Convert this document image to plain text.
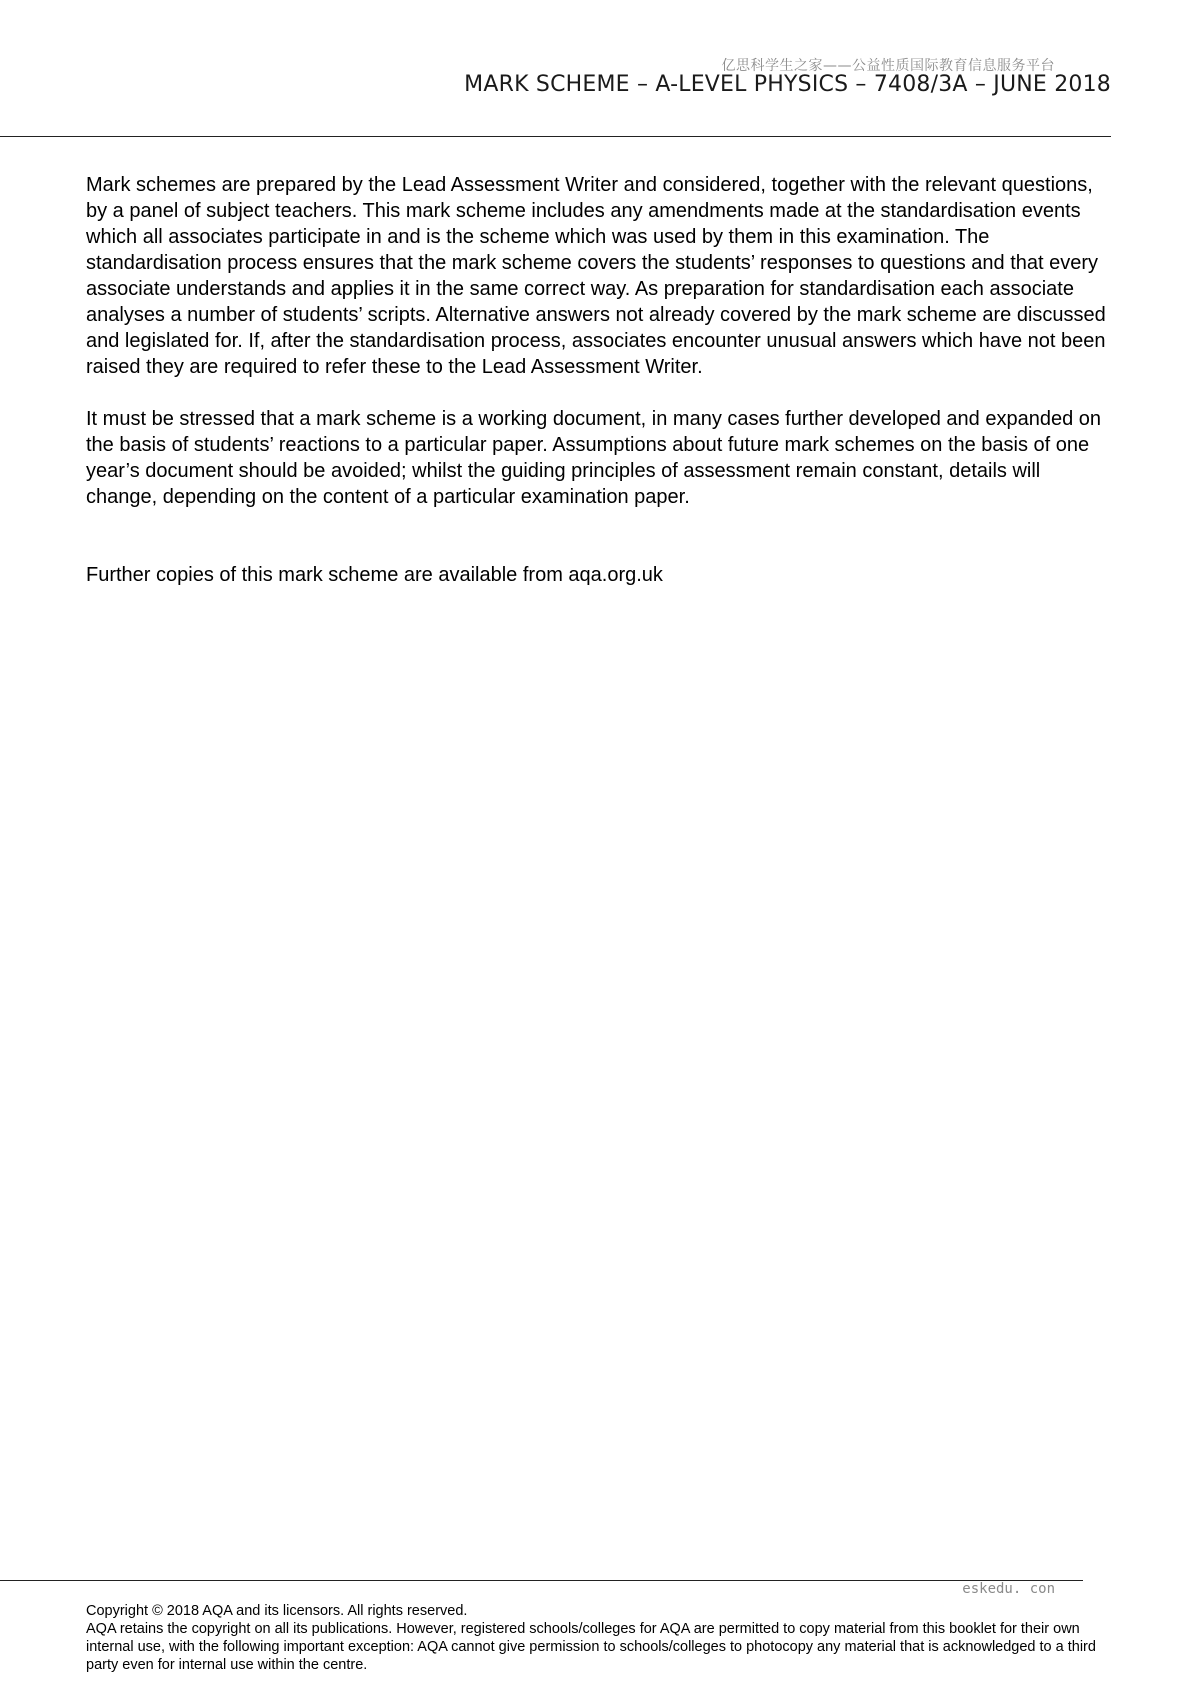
亿思科学生之家——公益性质国际教育信息服务平台
MARK SCHEME – A-LEVEL PHYSICS – 7408/3A – JUNE 2018

Mark schemes are prepared by the Lead Assessment Writer and considered, together with the relevant questions, by a panel of subject teachers. This mark scheme includes any amendments made at the standardisation events which all associates participate in and is the scheme which was used by them in this examination. The standardisation process ensures that the mark scheme covers the students’ responses to questions and that every associate understands and applies it in the same correct way. As preparation for standardisation each associate analyses a number of students’ scripts. Alternative answers not already covered by the mark scheme are discussed and legislated for. If, after the standardisation process, associates encounter unusual answers which have not been raised they are required to refer these to the Lead Assessment Writer.

It must be stressed that a mark scheme is a working document, in many cases further developed and expanded on the basis of students’ reactions to a particular paper. Assumptions about future mark schemes on the basis of one year’s document should be avoided; whilst the guiding principles of assessment remain constant, details will change, depending on the content of a particular examination paper.

Further copies of this mark scheme are available from aqa.org.uk

eskedu. con
Copyright © 2018 AQA and its licensors. All rights reserved.
AQA retains the copyright on all its publications. However, registered schools/colleges for AQA are permitted to copy material from this booklet for their own internal use, with the following important exception: AQA cannot give permission to schools/colleges to photocopy any material that is acknowledged to a third party even for internal use within the centre.
